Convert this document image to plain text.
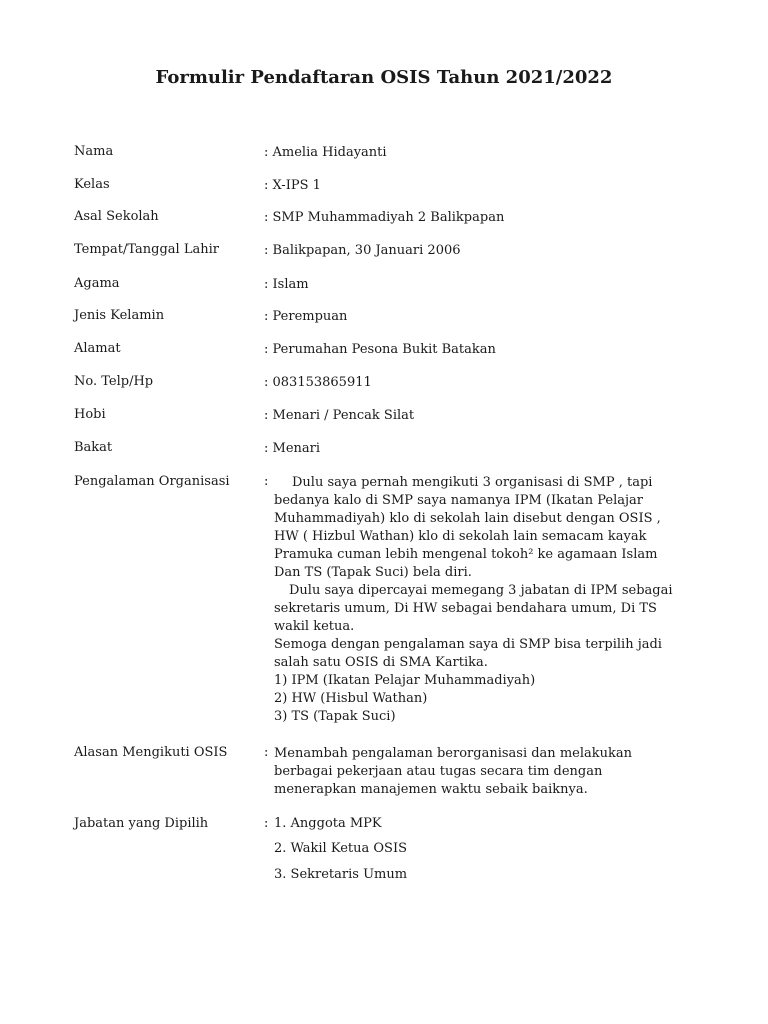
Formulir Pendaftaran OSIS Tahun 2021/2022
Nama	: Amelia Hidayanti
Kelas	: X-IPS 1
Asal Sekolah	: SMP Muhammadiyah 2 Balikpapan
Tempat/Tanggal Lahir	: Balikpapan, 30 Januari 2006
Agama	: Islam
Jenis Kelamin	: Perempuan
Alamat	: Perumahan Pesona Bukit Batakan
No. Telp/Hp	: 083153865911
Hobi	: Menari / Pencak Silat
Bakat	: Menari
Pengalaman Organisasi	:	Dulu saya pernah mengikuti 3 organisasi di SMP , tapi
bedanya kalo di SMP saya namanya IPM (Ikatan Pelajar
Muhammadiyah) klo di sekolah lain disebut dengan OSIS ,
HW ( Hizbul Wathan) klo di sekolah lain semacam kayak
Pramuka cuman lebih mengenal tokoh² ke agamaan Islam
Dan TS (Tapak Suci) bela diri.
Dulu saya dipercayai memegang 3 jabatan di IPM sebagai
sekretaris umum, Di HW sebagai bendahara umum, Di TS
wakil ketua.
Semoga dengan pengalaman saya di SMP bisa terpilih jadi
salah satu OSIS di SMA Kartika.
1) IPM (Ikatan Pelajar Muhammadiyah)
2) HW (Hisbul Wathan)
3) TS (Tapak Suci)
Alasan Mengikuti OSIS	: Menambah pengalaman berorganisasi dan melakukan
berbagai pekerjaan atau tugas secara tim dengan
menerapkan manajemen waktu sebaik baiknya.
Jabatan yang Dipilih	: 1. Anggota MPK
2. Wakil Ketua OSIS
3. Sekretaris Umum
